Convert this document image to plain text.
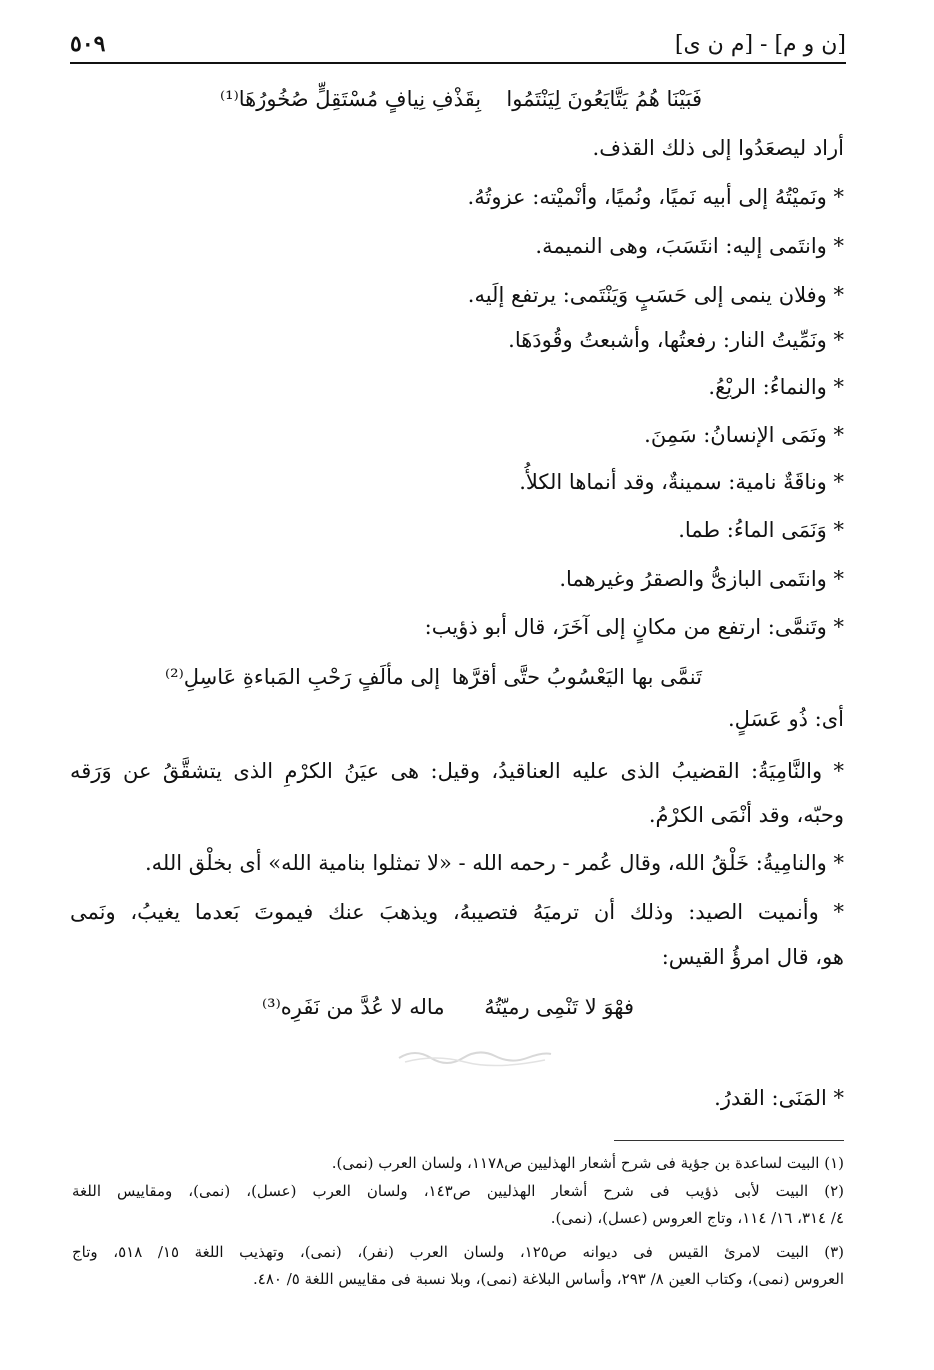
[ن و م] - [م ن ى]
٥٠٩
فَبَيْنَا هُمُ يَتَّايَعُونَ لِيَنْتَمُوا
بِقَذْفِ نِيافٍ مُسْتَقِلٍّ صُخُورُهَا⁽¹⁾
أراد ليصعَدُوا إلى ذلك القذف.
* ونَميْتُهُ إلى أبيه نَميًا، ونُميًا، وأنْميْته: عزوتُهُ.
* وانتَمى إليه: انتَسَبَ، وهى النميمة.
* وفلان ينمى إلى حَسَبٍ وَيَنْتَمى: يرتفع إلَيه.
* ونَمِّيتُ النار: رفعتُها، وأشبعتُ وقُودَهَا.
* والنماءُ: الريْعُ.
* ونَمَى الإنسانُ: سَمِنَ.
* وناقَةٌ نامية: سمينةٌ، وقد أنماها الكلأُ.
* وَنَمَى الماءُ: طما.
* وانتَمى البازىُّ والصقرُ وغيرهما.
* وتَنمَّى: ارتفع من مكانٍ إلى آخَرَ، قال أبو ذؤيب:
تَنمَّى بها اليَعْسُوبُ حتَّى أقرَّها
إلى مألَفٍ رَحْبِ المَباءةِ عَاسِلِ⁽²⁾
أى: ذُو عَسَلٍ.
* والنَّامِيَةُ: القضيبُ الذى عليه العناقيدُ، وقيل: هى عيَنُ الكرْمِ الذى يتشقَّقُ عن وَرَقه
وحبّه، وقد أنْمَى الكرْمُ.
* والنامِيةُ: خَلْقُ الله، وقال عُمر - رحمه الله - «لا تمثلوا بنامية الله» أى بخلْق الله.
* وأنميت الصيد: وذلك أن ترميَهُ فتصيبهُ، ويذهبَ عنك فيموتَ بَعدما يغيبُ، ونَمى
هو، قال امرؤُ القيس:
فهْوَ لا تَنْمِى رميّتُهُ
ماله لا عُدَّ من نَفَرِه⁽³⁾
* المَنَى: القدرُ.
(١) البيت لساعدة بن جؤية فى شرح أشعار الهذليين ص١١٧٨، ولسان العرب (نمى).
(٢) البيت لأبى ذؤيب فى شرح أشعار الهذليين ص١٤٣، ولسان العرب (عسل)، (نمى)، ومقاييس اللغة
٤/ ٣١٤، ١٦/ ١١٤، وتاج العروس (عسل)، (نمى).
(٣) البيت لامرئ القيس فى ديوانه ص١٢٥، ولسان العرب (نفر)، (نمى)، وتهذيب اللغة ١٥/ ٥١٨، وتاج
العروس (نمى)، وكتاب العين ٨/ ٢٩٣، وأساس البلاغة (نمى)، وبلا نسبة فى مقاييس اللغة ٥/ ٤٨٠.
